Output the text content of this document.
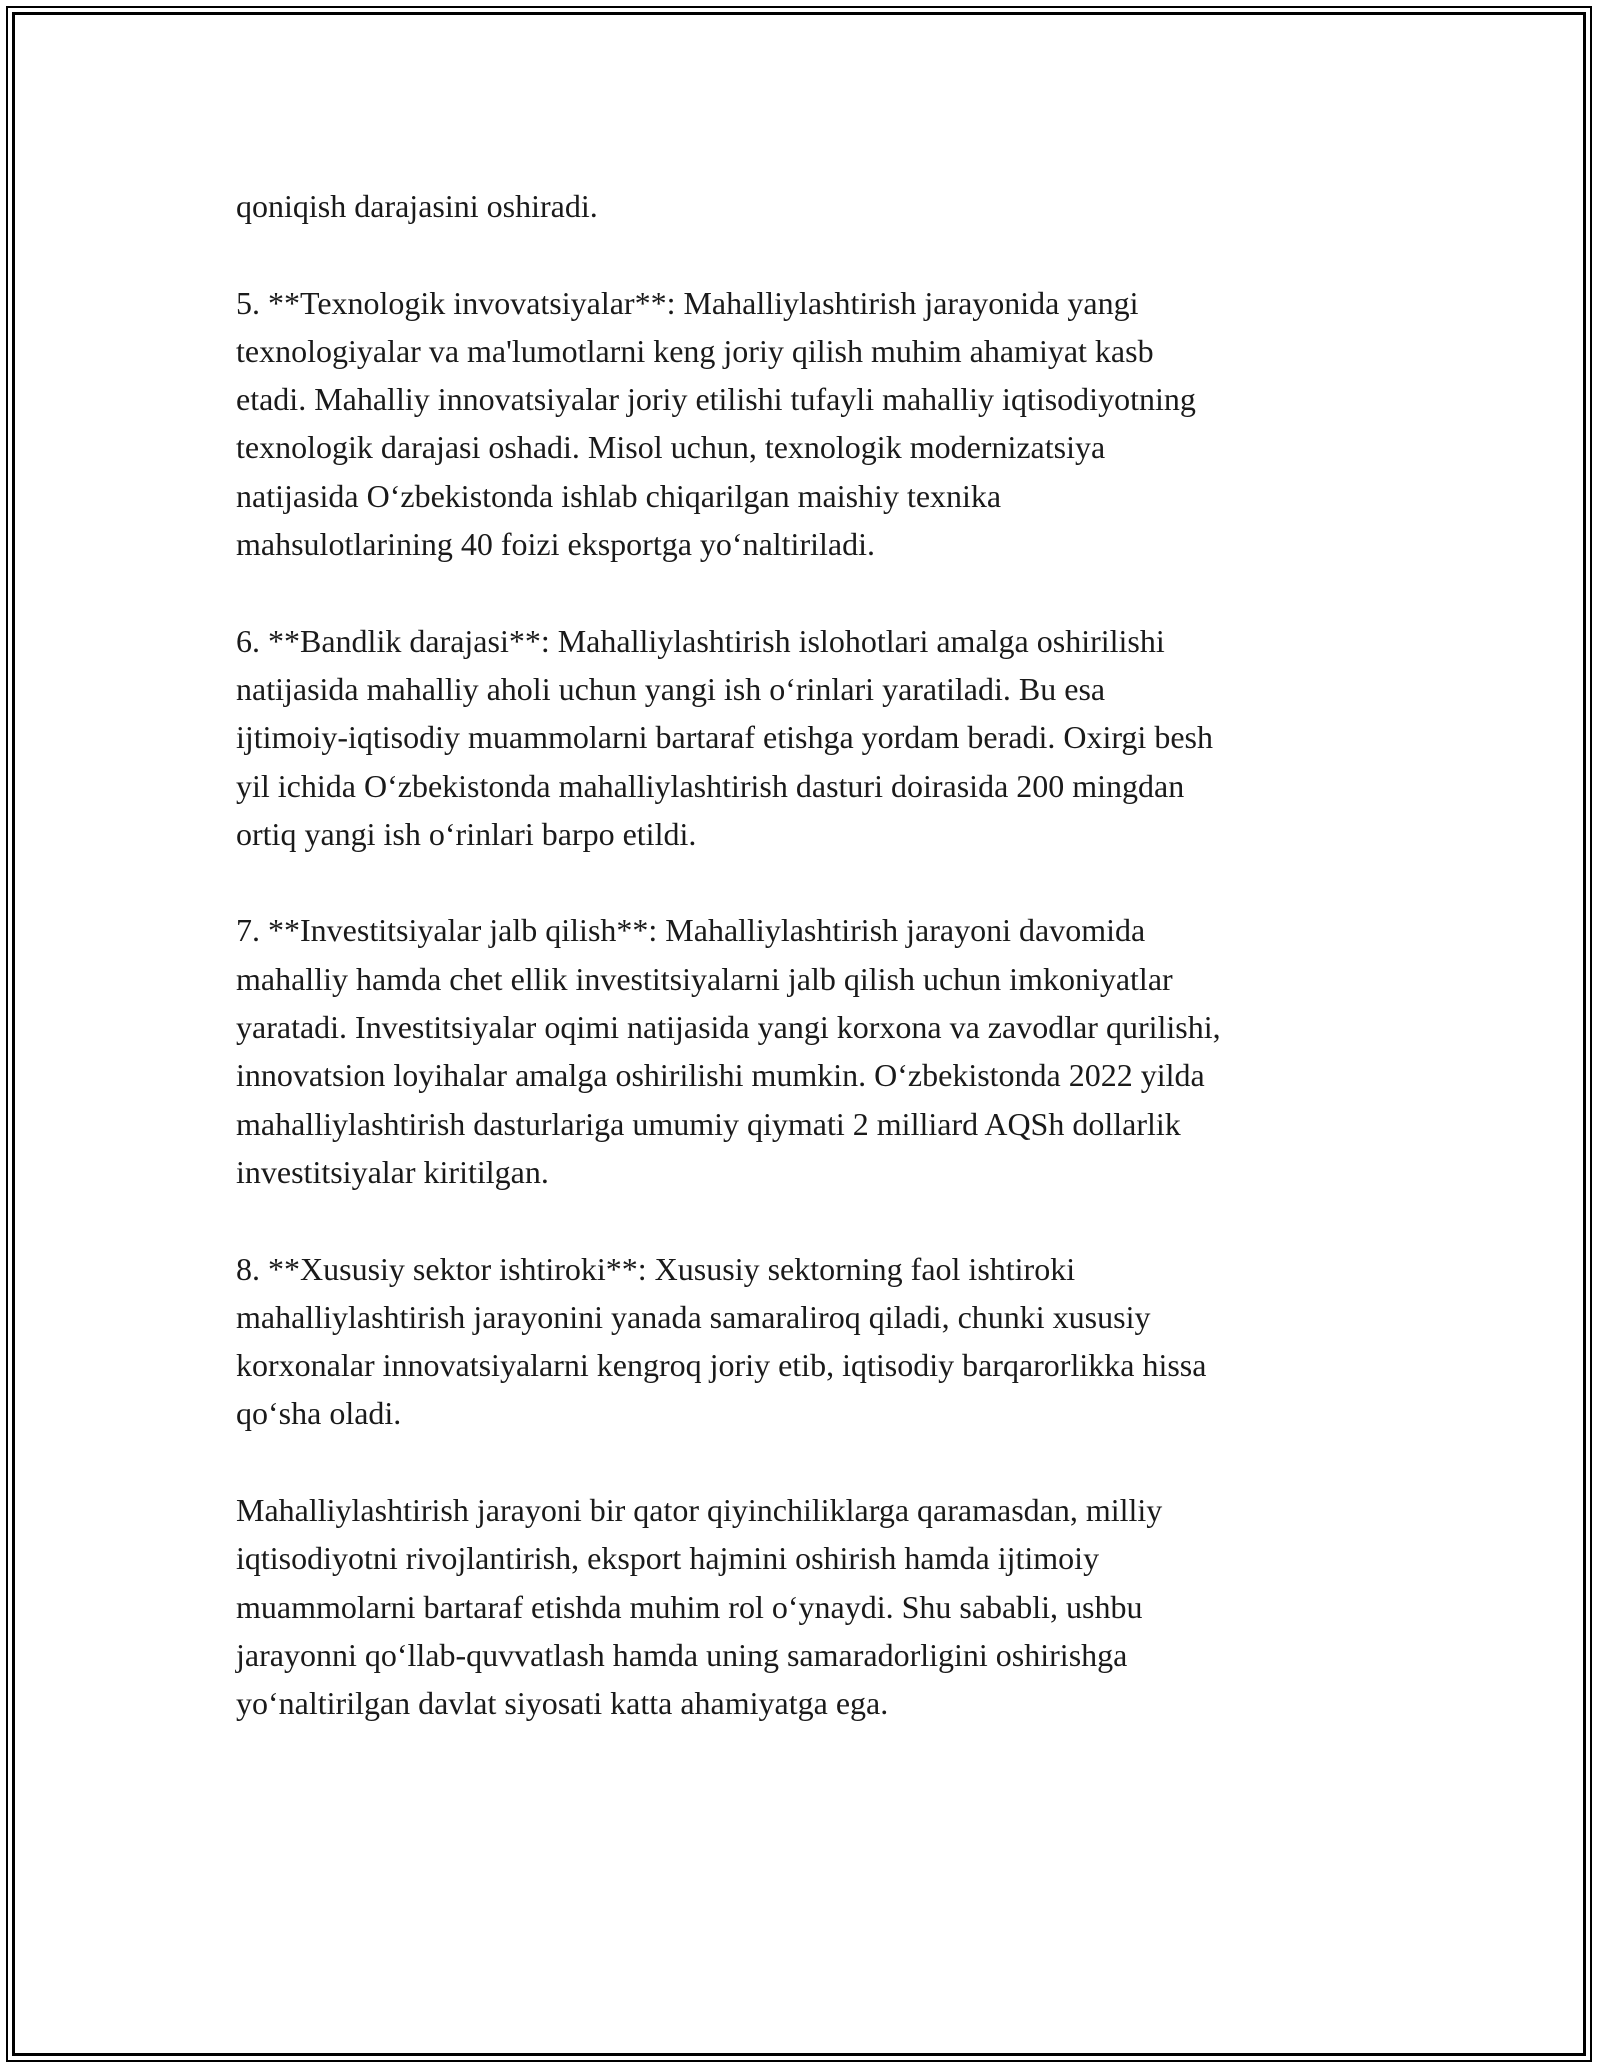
qoniqish darajasini oshiradi.

5. **Texnologik invovatsiyalar**: Mahalliylashtirish jarayonida yangi
texnologiyalar va ma'lumotlarni keng joriy qilish muhim ahamiyat kasb
etadi. Mahalliy innovatsiyalar joriy etilishi tufayli mahalliy iqtisodiyotning
texnologik darajasi oshadi. Misol uchun, texnologik modernizatsiya
natijasida O‘zbekistonda ishlab chiqarilgan maishiy texnika
mahsulotlarining 40 foizi eksportga yo‘naltiriladi.

6. **Bandlik darajasi**: Mahalliylashtirish islohotlari amalga oshirilishi
natijasida mahalliy aholi uchun yangi ish o‘rinlari yaratiladi. Bu esa
ijtimoiy-iqtisodiy muammolarni bartaraf etishga yordam beradi. Oxirgi besh
yil ichida O‘zbekistonda mahalliylashtirish dasturi doirasida 200 mingdan
ortiq yangi ish o‘rinlari barpo etildi.

7. **Investitsiyalar jalb qilish**: Mahalliylashtirish jarayoni davomida
mahalliy hamda chet ellik investitsiyalarni jalb qilish uchun imkoniyatlar
yaratadi. Investitsiyalar oqimi natijasida yangi korxona va zavodlar qurilishi,
innovatsion loyihalar amalga oshirilishi mumkin. O‘zbekistonda 2022 yilda
mahalliylashtirish dasturlariga umumiy qiymati 2 milliard AQSh dollarlik
investitsiyalar kiritilgan.

8. **Xususiy sektor ishtiroki**: Xususiy sektorning faol ishtiroki
mahalliylashtirish jarayonini yanada samaraliroq qiladi, chunki xususiy
korxonalar innovatsiyalarni kengroq joriy etib, iqtisodiy barqarorlikka hissa
qo‘sha oladi.

Mahalliylashtirish jarayoni bir qator qiyinchiliklarga qaramasdan, milliy
iqtisodiyotni rivojlantirish, eksport hajmini oshirish hamda ijtimoiy
muammolarni bartaraf etishda muhim rol o‘ynaydi. Shu sababli, ushbu
jarayonni qo‘llab-quvvatlash hamda uning samaradorligini oshirishga
yo‘naltirilgan davlat siyosati katta ahamiyatga ega.
